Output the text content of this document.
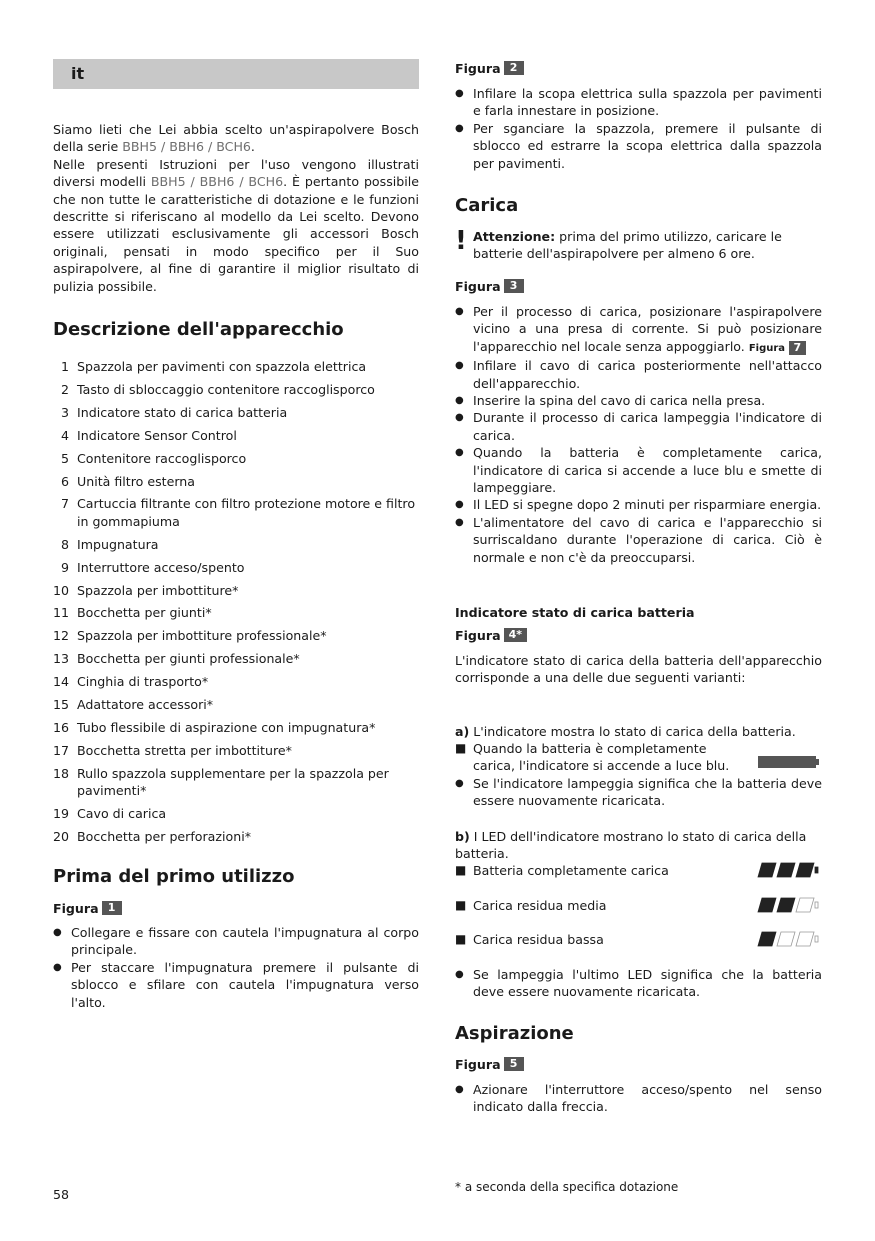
it
Siamo lieti che Lei abbia scelto un'aspirapolvere Bosch della serie BBH5 / BBH6 / BCH6.
Nelle presenti Istruzioni per l'uso vengono illustrati diversi modelli BBH5 / BBH6 / BCH6. È pertanto possibile che non tutte le caratteristiche di dotazione e le funzioni descritte si riferiscano al modello da Lei scelto. Devono essere utilizzati esclusivamente gli accessori Bosch originali, pensati in modo specifico per il Suo aspirapolvere, al fine di garantire il miglior risultato di pulizia possibile.
Descrizione dell'apparecchio
1 Spazzola per pavimenti con spazzola elettrica
2 Tasto di sbloccaggio contenitore raccoglisporco
3 Indicatore stato di carica batteria
4 Indicatore Sensor Control
5 Contenitore raccoglisporco
6 Unità filtro esterna
7 Cartuccia filtrante con filtro protezione motore e filtro in gommapiuma
8 Impugnatura
9 Interruttore acceso/spento
10 Spazzola per imbottiture*
11 Bocchetta per giunti*
12 Spazzola per imbottiture professionale*
13 Bocchetta per giunti professionale*
14 Cinghia di trasporto*
15 Adattatore accessori*
16 Tubo flessibile di aspirazione con impugnatura*
17 Bocchetta stretta per imbottiture*
18 Rullo spazzola supplementare per la spazzola per pavimenti*
19 Cavo di carica
20 Bocchetta per perforazioni*
Prima del primo utilizzo
Figura 1
● Collegare e fissare con cautela l'impugnatura al corpo principale.
● Per staccare l'impugnatura premere il pulsante di sblocco e sfilare con cautela l'impugnatura verso l'alto.
58
Figura 2
● Infilare la scopa elettrica sulla spazzola per pavimenti e farla innestare in posizione.
● Per sganciare la spazzola, premere il pulsante di sblocco ed estrarre la scopa elettrica dalla spazzola per pavimenti.
Carica
! Attenzione: prima del primo utilizzo, caricare le batterie dell'aspirapolvere per almeno 6 ore.
Figura 3
● Per il processo di carica, posizionare l'aspirapolvere vicino a una presa di corrente. Si può posizionare l'apparecchio nel locale senza appoggiarlo. Figura 7
● Infilare il cavo di carica posteriormente nell'attacco dell'apparecchio.
● Inserire la spina del cavo di carica nella presa.
● Durante il processo di carica lampeggia l'indicatore di carica.
● Quando la batteria è completamente carica, l'indicatore di carica si accende a luce blu e smette di lampeggiare.
● Il LED si spegne dopo 2 minuti per risparmiare energia.
● L'alimentatore del cavo di carica e l'apparecchio si surriscaldano durante l'operazione di carica. Ciò è normale e non c'è da preoccuparsi.
Indicatore stato di carica batteria
Figura 4*
L'indicatore stato di carica della batteria dell'apparecchio corrisponde a una delle due seguenti varianti:
a) L'indicatore mostra lo stato di carica della batteria.
■ Quando la batteria è completamente carica, l'indicatore si accende a luce blu.
● Se l'indicatore lampeggia significa che la batteria deve essere nuovamente ricaricata.
b) I LED dell'indicatore mostrano lo stato di carica della batteria.
■ Batteria completamente carica
■ Carica residua media
■ Carica residua bassa
● Se lampeggia l'ultimo LED significa che la batteria deve essere nuovamente ricaricata.
Aspirazione
Figura 5
● Azionare l'interruttore acceso/spento nel senso indicato dalla freccia.
* a seconda della specifica dotazione
